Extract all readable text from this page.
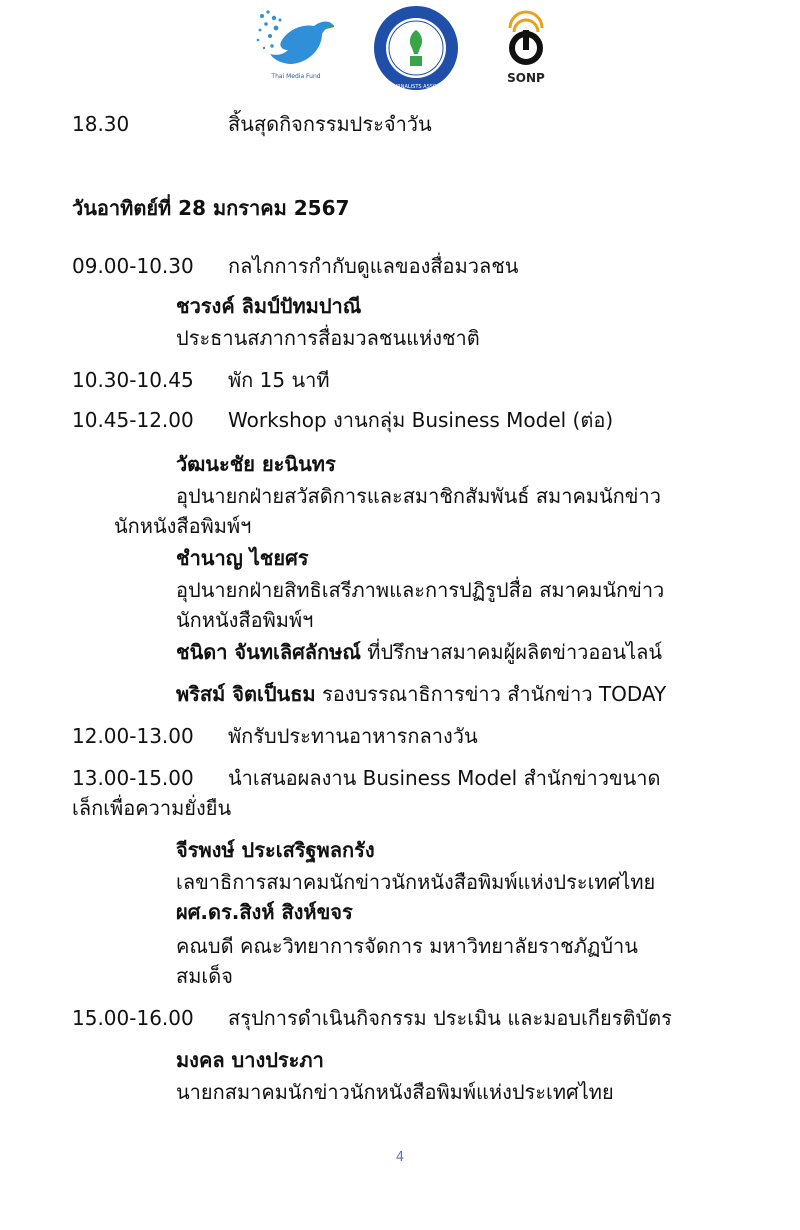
Thai Media Fund
THAI JOURNALISTS ASSOCIATION
SONP
18.30	สิ้นสุดกิจกรรมประจำวัน
วันอาทิตย์ที่ 28 มกราคม 2567
09.00-10.30 กลไกการกำกับดูแลของสื่อมวลชน
ชวรงค์ ลิมป์ปัทมปาณี
ประธานสภาการสื่อมวลชนแห่งชาติ
10.30-10.45 พัก 15 นาที
10.45-12.00 Workshop งานกลุ่ม Business Model (ต่อ)
วัฒนะชัย ยะนินทร
อุปนายกฝ่ายสวัสดิการและสมาชิกสัมพันธ์ สมาคมนักข่าว
นักหนังสือพิมพ์ฯ
ชำนาญ ไชยศร
อุปนายกฝ่ายสิทธิเสรีภาพและการปฏิรูปสื่อ สมาคมนักข่าว
นักหนังสือพิมพ์ฯ
ชนิดา จันทเลิศลักษณ์ ที่ปรึกษาสมาคมผู้ผลิตข่าวออนไลน์
พริสม์ จิตเป็นธม รองบรรณาธิการข่าว สำนักข่าว TODAY
12.00-13.00 พักรับประทานอาหารกลางวัน
13.00-15.00 นำเสนอผลงาน Business Model สำนักข่าวขนาด
เล็กเพื่อความยั่งยืน
จีรพงษ์ ประเสริฐพลกรัง
เลขาธิการสมาคมนักข่าวนักหนังสือพิมพ์แห่งประเทศไทย
ผศ.ดร.สิงห์ สิงห์ขจร
คณบดี คณะวิทยาการจัดการ มหาวิทยาลัยราชภัฏบ้าน
สมเด็จ
15.00-16.00 สรุปการดำเนินกิจกรรม ประเมิน และมอบเกียรติบัตร
มงคล บางประภา
นายกสมาคมนักข่าวนักหนังสือพิมพ์แห่งประเทศไทย
4
